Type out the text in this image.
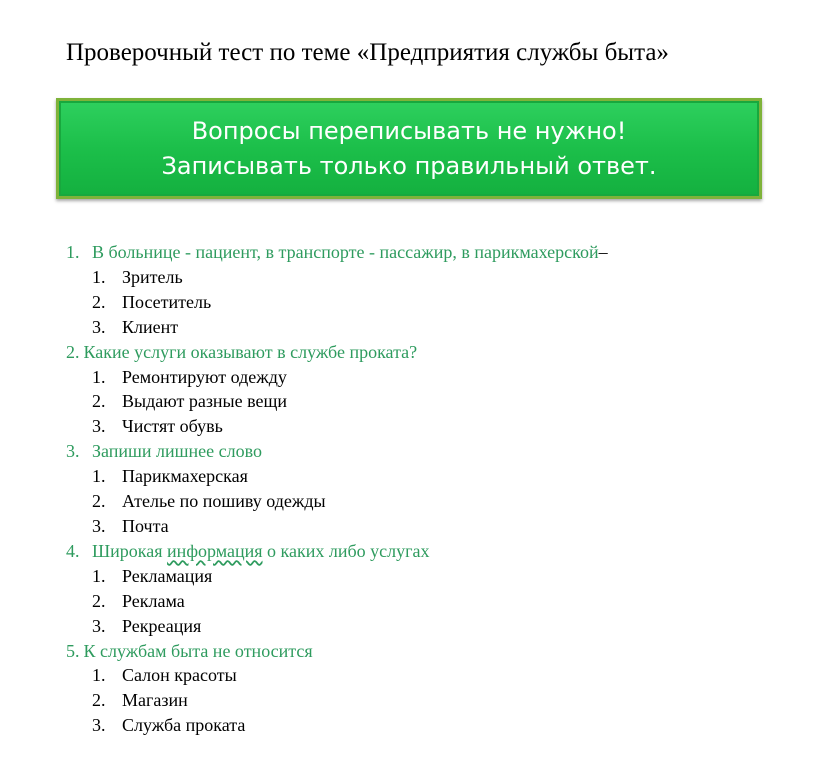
Проверочный тест по теме «Предприятия службы быта»
Вопросы переписывать не нужно!
Записывать только правильный ответ.
1. В больнице - пациент, в транспорте - пассажир, в парикмахерской–
1. Зритель
2. Посетитель
3. Клиент
2. Какие услуги оказывают в службе проката?
1. Ремонтируют одежду
2. Выдают разные вещи
3. Чистят обувь
3. Запиши лишнее слово
1. Парикмахерская
2. Ателье по пошиву одежды
3. Почта
4. Широкая информация о каких либо услугах
1. Рекламация
2. Реклама
3. Рекреация
5. К службам быта не относится
1. Салон красоты
2. Магазин
3. Служба проката
